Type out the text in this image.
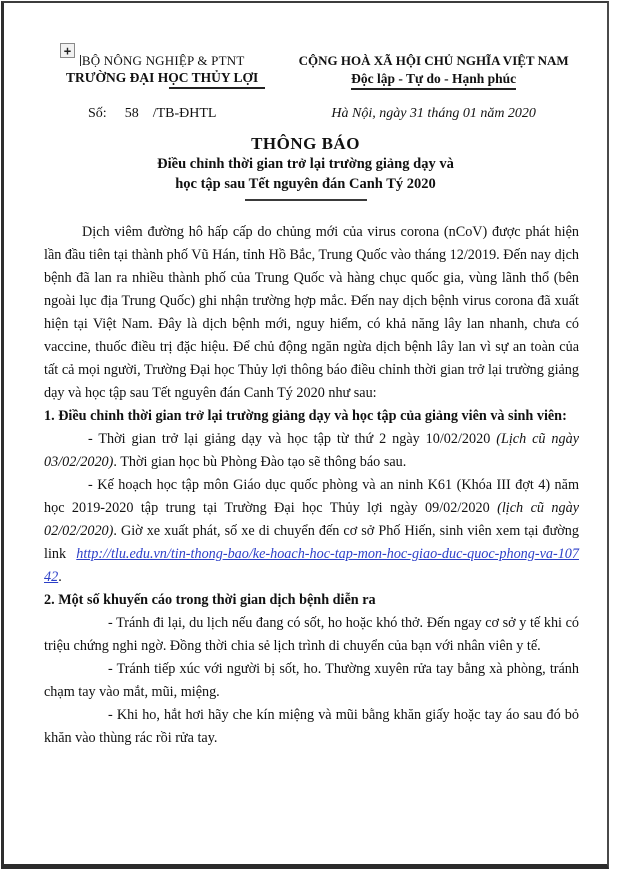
+
BỘ NÔNG NGHIỆP & PTNT
TRƯỜNG ĐẠI HỌC THỦY LỢI
CỘNG HOÀ XÃ HỘI CHỦ NGHĨA VIỆT NAM
Độc lập - Tự do - Hạnh phúc
Số: 58 /TB-ĐHTL	Hà Nội, ngày 31 tháng 01 năm 2020
THÔNG BÁO
Điều chỉnh thời gian trở lại trường giảng dạy và
học tập sau Tết nguyên đán Canh Tý 2020

Dịch viêm đường hô hấp cấp do chủng mới của virus corona (nCoV) được phát hiện lần đầu tiên tại thành phố Vũ Hán, tỉnh Hồ Bắc, Trung Quốc vào tháng 12/2019. Đến nay dịch bệnh đã lan ra nhiều thành phố của Trung Quốc và hàng chục quốc gia, vùng lãnh thổ (bên ngoài lục địa Trung Quốc) ghi nhận trường hợp mắc. Đến nay dịch bệnh virus corona đã xuất hiện tại Việt Nam. Đây là dịch bệnh mới, nguy hiểm, có khả năng lây lan nhanh, chưa có vaccine, thuốc điều trị đặc hiệu. Để chủ động ngăn ngừa dịch bệnh lây lan vì sự an toàn của tất cả mọi người, Trường Đại học Thủy lợi thông báo điều chỉnh thời gian trở lại trường giảng dạy và học tập sau Tết nguyên đán Canh Tý 2020 như sau:

1. Điều chỉnh thời gian trở lại trường giảng dạy và học tập của giảng viên và sinh viên:

- Thời gian trở lại giảng dạy và học tập từ thứ 2 ngày 10/02/2020 (Lịch cũ ngày 03/02/2020). Thời gian học bù Phòng Đào tạo sẽ thông báo sau.

- Kế hoạch học tập môn Giáo dục quốc phòng và an ninh K61 (Khóa III đợt 4) năm học 2019-2020 tập trung tại Trường Đại học Thủy lợi ngày 09/02/2020 (lịch cũ ngày 02/02/2020). Giờ xe xuất phát, số xe di chuyển đến cơ sở Phố Hiến, sinh viên xem tại đường link http://tlu.edu.vn/tin-thong-bao/ke-hoach-hoc-tap-mon-hoc-giao-duc-quoc-phong-va-10742.

2. Một số khuyến cáo trong thời gian dịch bệnh diễn ra

- Tránh đi lại, du lịch nếu đang có sốt, ho hoặc khó thở. Đến ngay cơ sở y tế khi có triệu chứng nghi ngờ. Đồng thời chia sẻ lịch trình di chuyển của bạn với nhân viên y tế.

- Tránh tiếp xúc với người bị sốt, ho. Thường xuyên rửa tay bằng xà phòng, tránh chạm tay vào mắt, mũi, miệng.

- Khi ho, hắt hơi hãy che kín miệng và mũi bằng khăn giấy hoặc tay áo sau đó bỏ khăn vào thùng rác rồi rửa tay.
